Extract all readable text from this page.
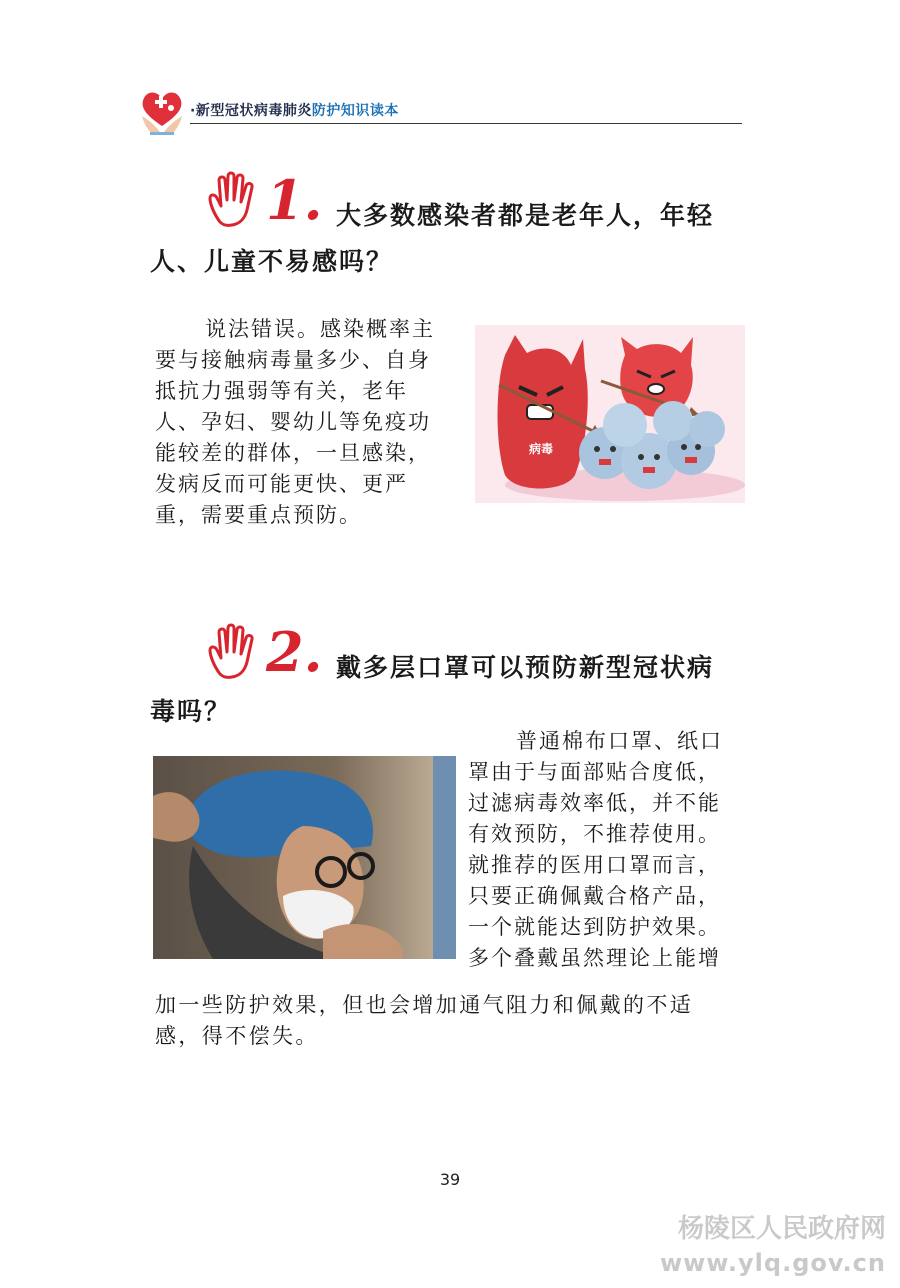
·新型冠状病毒肺炎防护知识读本
1. 大多数感染者都是老年人，年轻
人、儿童不易感吗？
说法错误。感染概率主
要与接触病毒量多少、自身
抵抗力强弱等有关，老年
人、孕妇、婴幼儿等免疫功
能较差的群体，一旦感染，
发病反而可能更快、更严
重，需要重点预防。
病毒
2. 戴多层口罩可以预防新型冠状病
毒吗？
普通棉布口罩、纸口
罩由于与面部贴合度低，
过滤病毒效率低，并不能
有效预防，不推荐使用。
就推荐的医用口罩而言，
只要正确佩戴合格产品，
一个就能达到防护效果。
多个叠戴虽然理论上能增
加一些防护效果，但也会增加通气阻力和佩戴的不适
感，得不偿失。
39
杨陵区人民政府网
www.ylq.gov.cn
